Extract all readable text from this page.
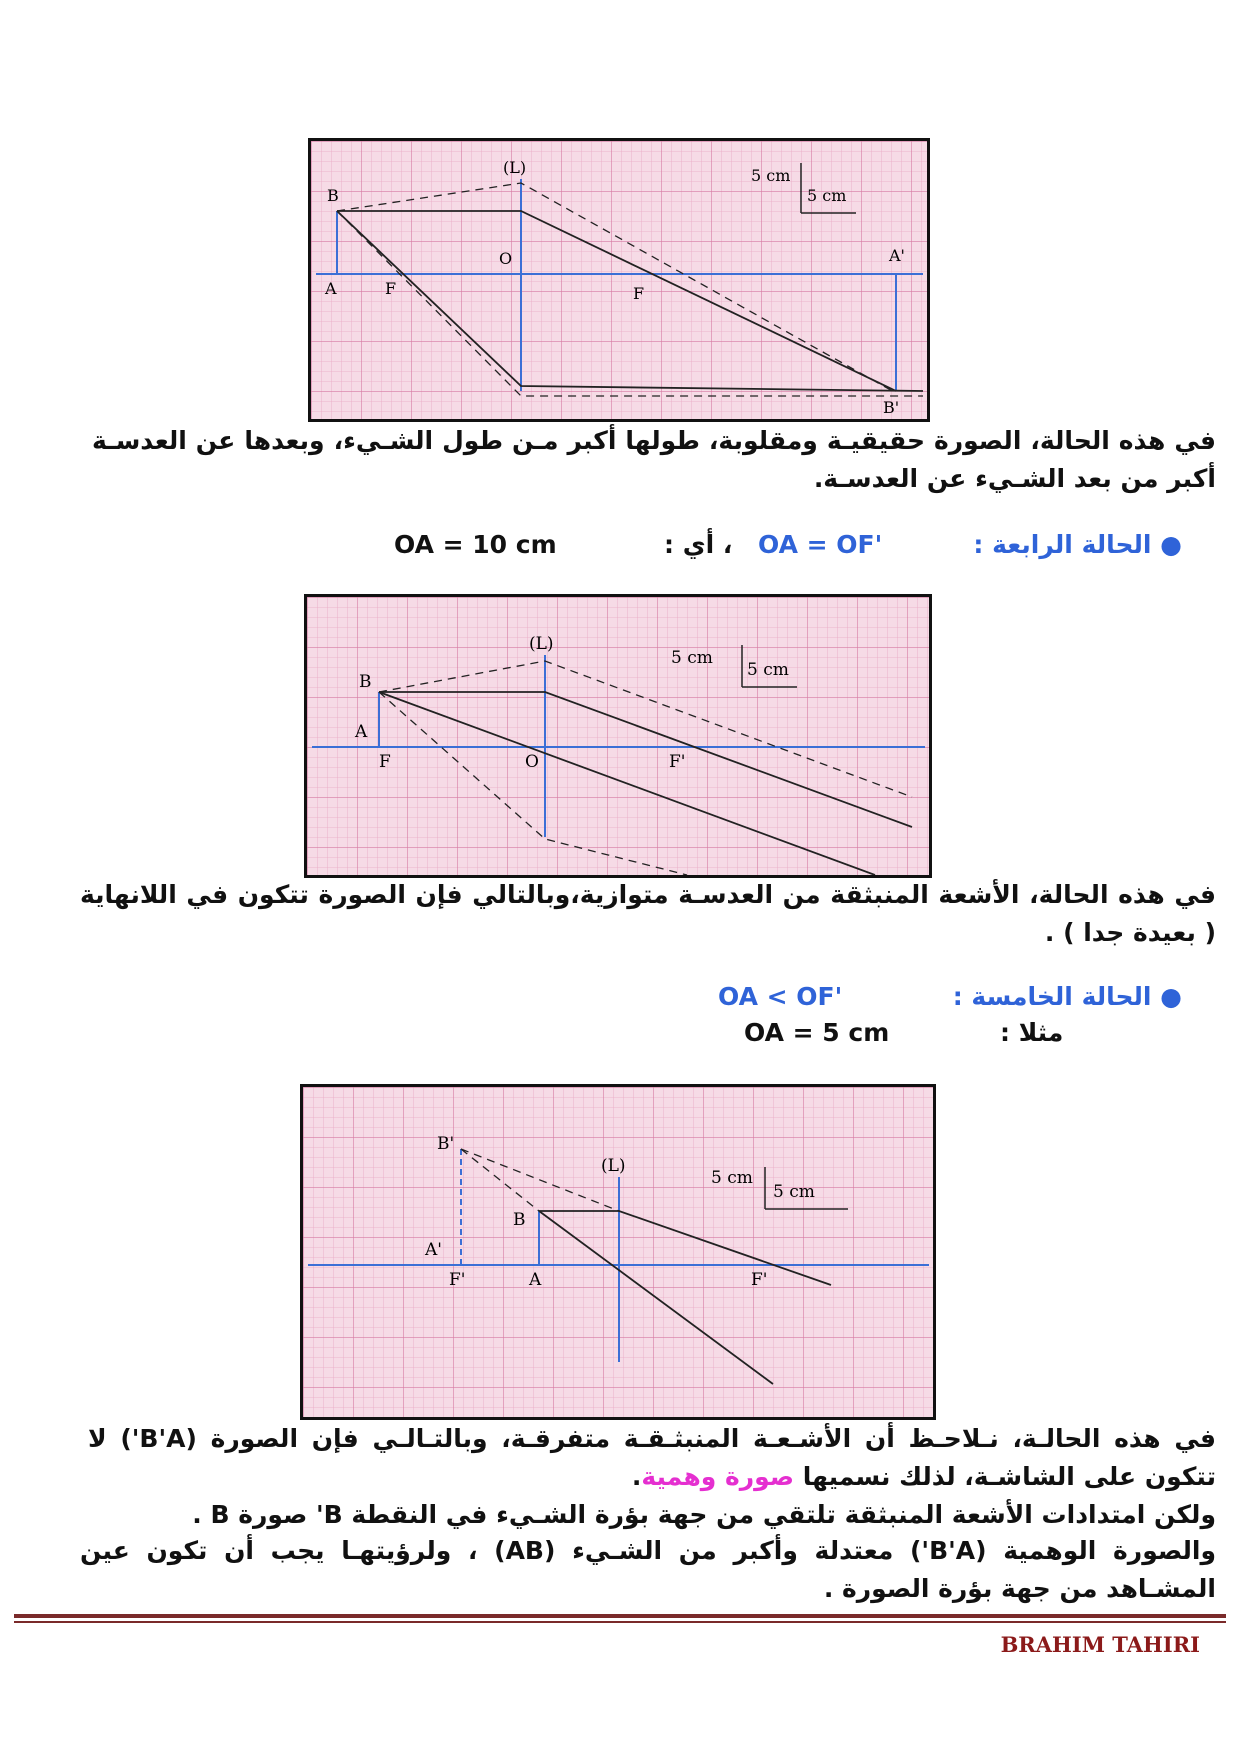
5 cm
5 cm
(L)
B
A	F
O
F
A'
B'
في هذه الحالة، الصورة حقيقيـة ومقلوبة، طولها أكبر مـن طول الشـيء، وبعدها عن العدسـة أكبر من بعد الشـيء عن العدسـة.
● الحالة الرابعة :
OA = OF'
، أي :
OA = 10 cm
5 cm
5 cm
(L)
B
A
F	O	F'
في هذه الحالة، الأشعة المنبثقة من العدسـة متوازية،وبالتالي فإن الصورة تتكون في اللانهاية ( بعيدة جدا ) .
● الحالة الخامسة :
OA < OF'
مثلا :
OA = 5 cm
5 cm
5 cm
(L)
B'
A'
F'
B
A	F'
في هذه الحالـة، نـلاحـظ أن الأشـعـة المنبثـقـة متفرقـة، وبالتـالـي فإن الصورة (B'A') لا تتكون على الشاشـة، لذلك نسميها صورة وهمية.
ولكن امتدادات الأشعة المنبثقة تلتقي من جهة بؤرة الشـيء في النقطة B' صورة B .
والصورة الوهمية (B'A') معتدلة وأكبر من الشـيء (AB) ، ولرؤيتهـا يجب أن تكون عين المشـاهد من جهة بؤرة الصورة .
BRAHIM TAHIRI
